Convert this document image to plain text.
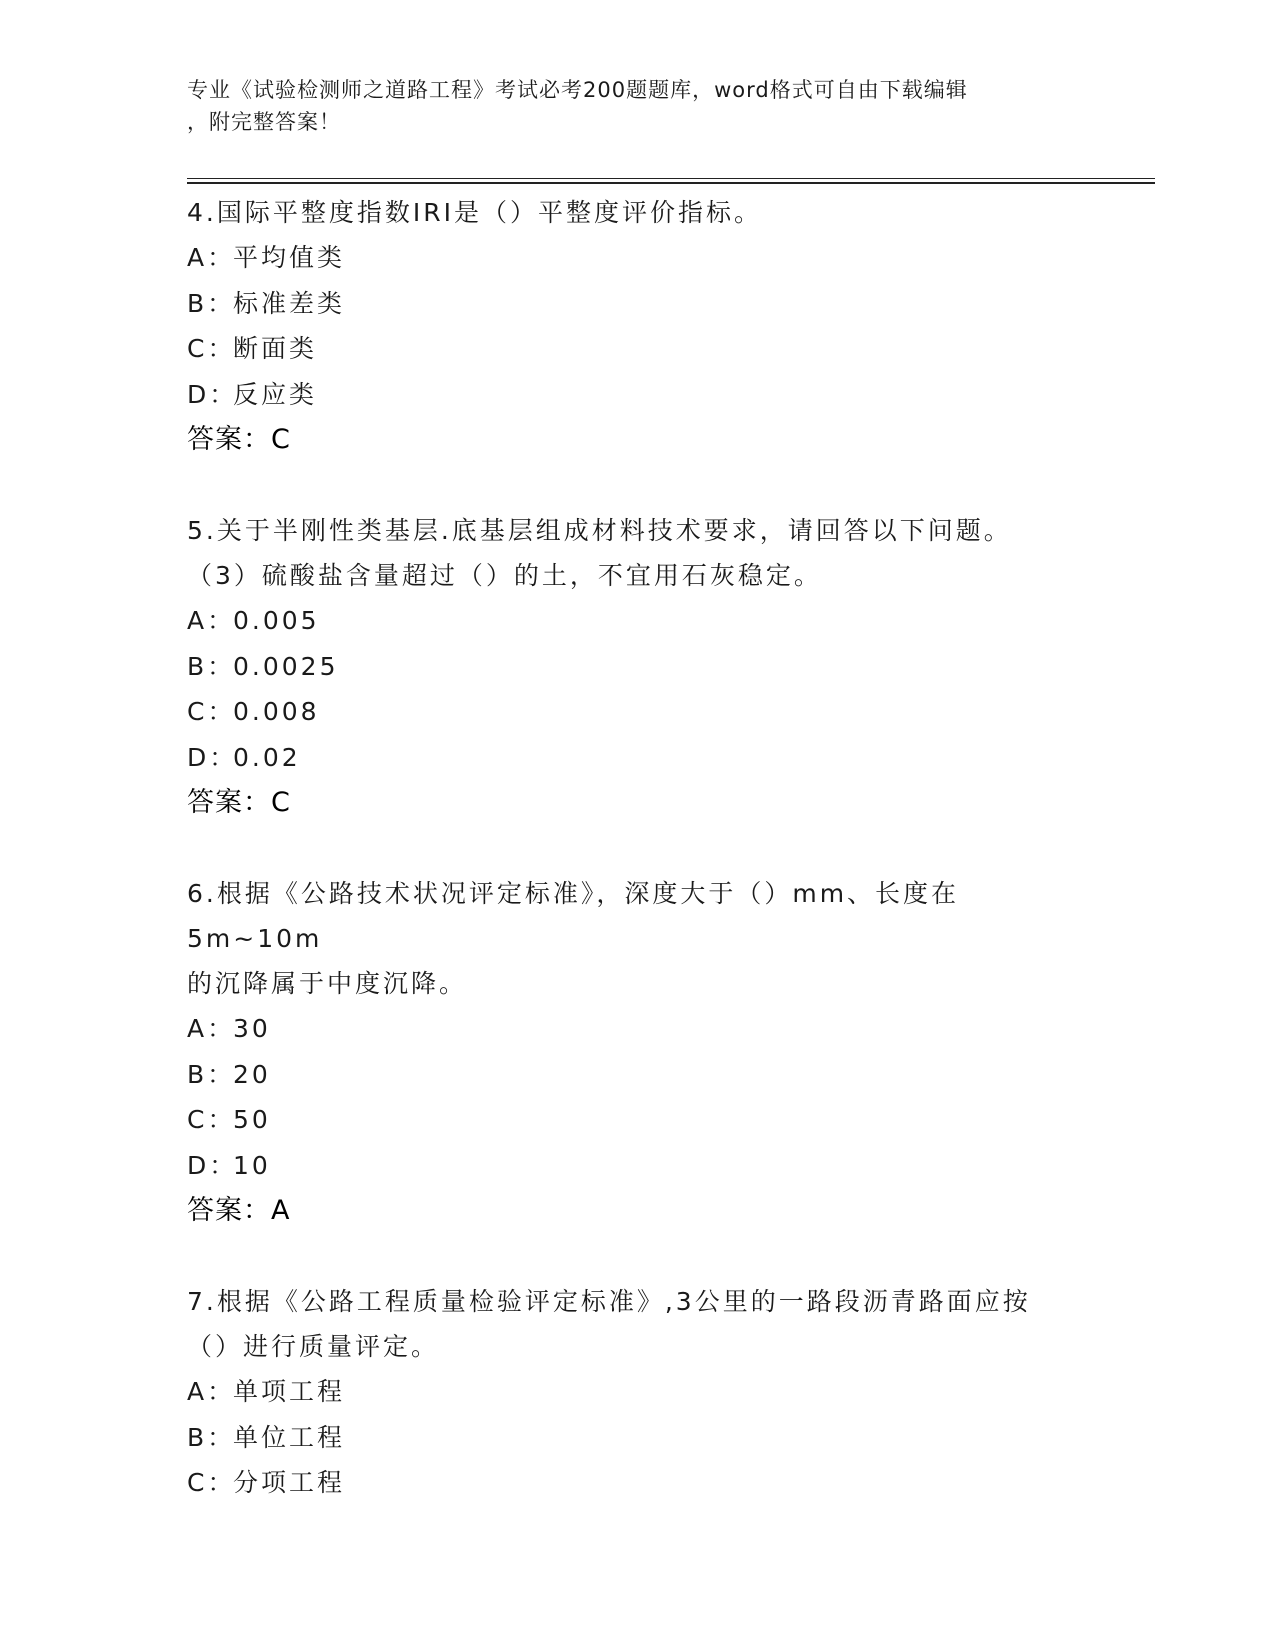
专业《试验检测师之道路工程》考试必考200题题库，word格式可自由下载编辑
，附完整答案！

4.国际平整度指数IRI是（）平整度评价指标。

A：
平均值类
B：
标准差类
C：
断面类
D：
反应类

答案：C

5.关于半刚性类基层.底基层组成材料技术要求，请回答以下问题。

（3）硫酸盐含量超过（）的土，不宜用石灰稳定。

A：
0.005
B：
0.0025
C：
0.008
D：
0.02

答案：C

6.根据《公路技术状况评定标准》，深度大于（）mm、长度在5m~10m

的沉降属于中度沉降。

A：
30
B：
20
C：
50
D：
10

答案：A

7.根据《公路工程质量检验评定标准》,3公里的一路段沥青路面应按

（）进行质量评定。

A：
单项工程
B：
单位工程
C：
分项工程
